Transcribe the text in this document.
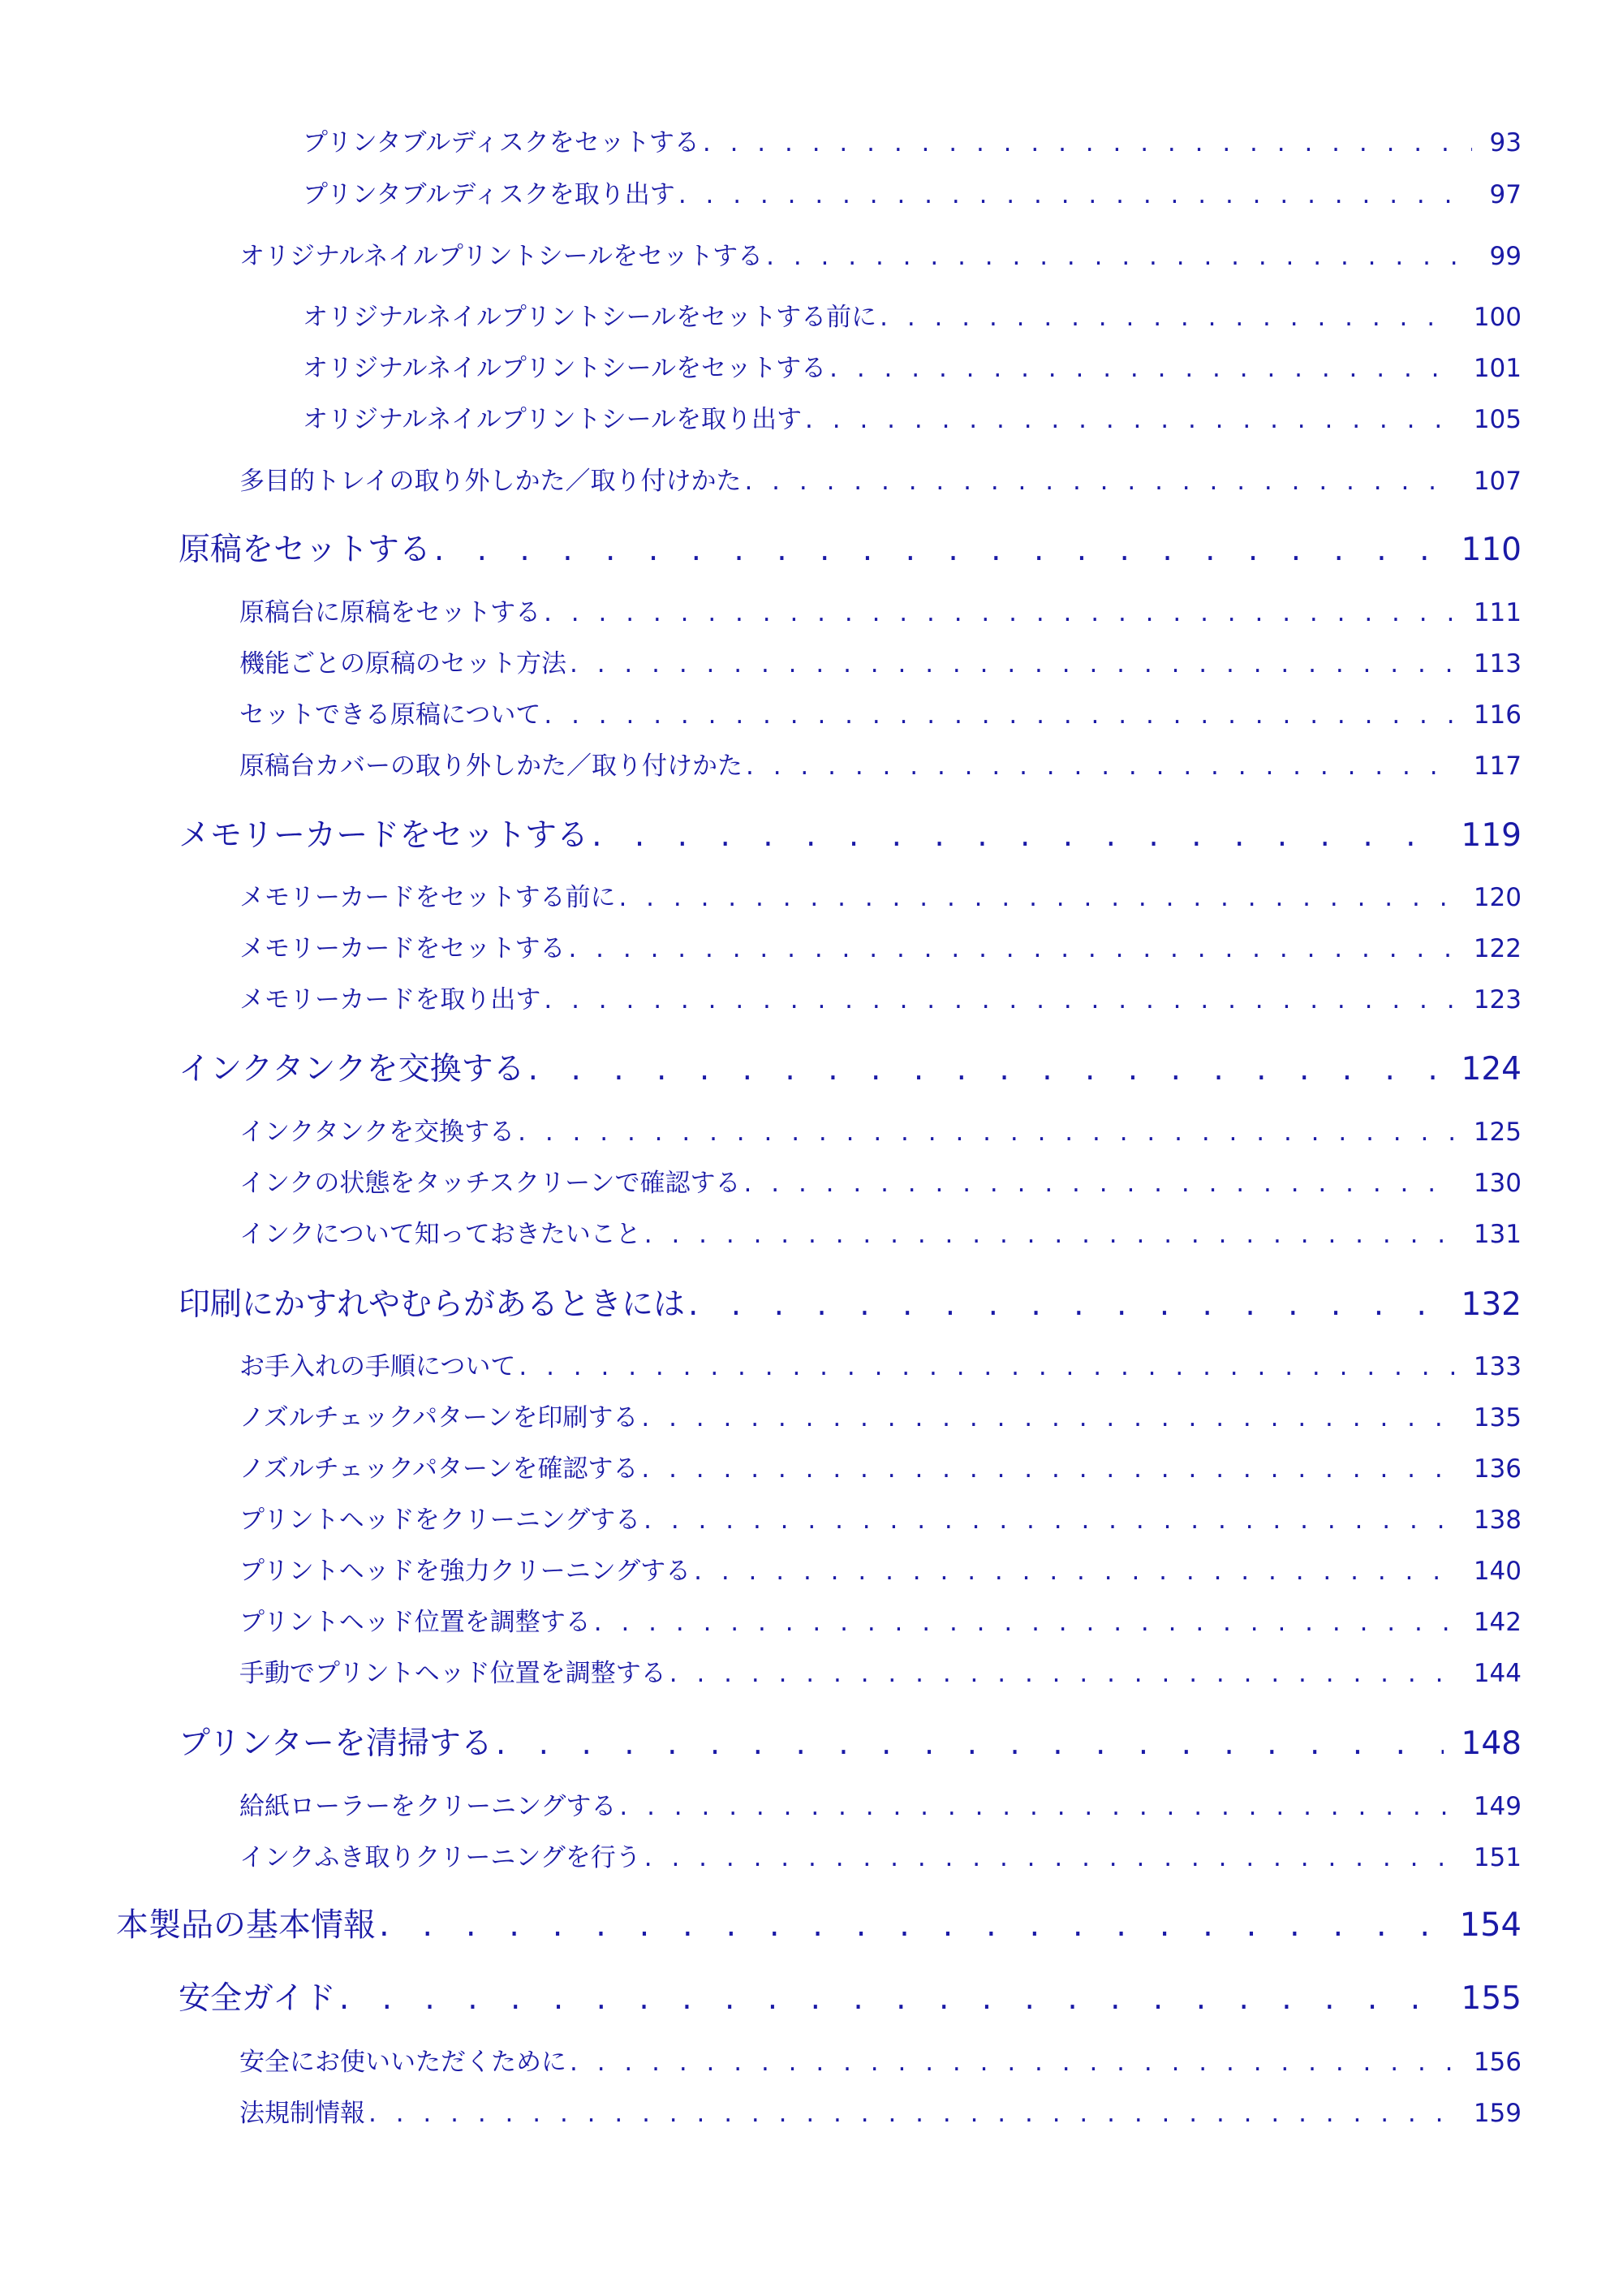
プリンタブルディスクをセットする . . .	93
プリンタブルディスクを取り出す . . .	97
オリジナルネイルプリントシールをセットする . . .	99
オリジナルネイルプリントシールをセットする前に . . .	100
オリジナルネイルプリントシールをセットする . . .	101
オリジナルネイルプリントシールを取り出す . . .	105
多目的トレイの取り外しかた／取り付けかた . . .	107
原稿をセットする . . .	110
原稿台に原稿をセットする . . .	111
機能ごとの原稿のセット方法 . . .	113
セットできる原稿について . . .	116
原稿台カバーの取り外しかた／取り付けかた . . .	117
メモリーカードをセットする . . .	119
メモリーカードをセットする前に . . .	120
メモリーカードをセットする . . .	122
メモリーカードを取り出す . . .	123
インクタンクを交換する . . .	124
インクタンクを交換する . . .	125
インクの状態をタッチスクリーンで確認する . . .	130
インクについて知っておきたいこと . . .	131
印刷にかすれやむらがあるときには . . .	132
お手入れの手順について . . .	133
ノズルチェックパターンを印刷する . . .	135
ノズルチェックパターンを確認する . . .	136
プリントヘッドをクリーニングする . . .	138
プリントヘッドを強力クリーニングする . . .	140
プリントヘッド位置を調整する . . .	142
手動でプリントヘッド位置を調整する . . .	144
プリンターを清掃する . . .	148
給紙ローラーをクリーニングする . . .	149
インクふき取りクリーニングを行う . . .	151
本製品の基本情報 . . .	154
安全ガイド . . .	155
安全にお使いいただくために . . .	156
法規制情報 . . .	159
